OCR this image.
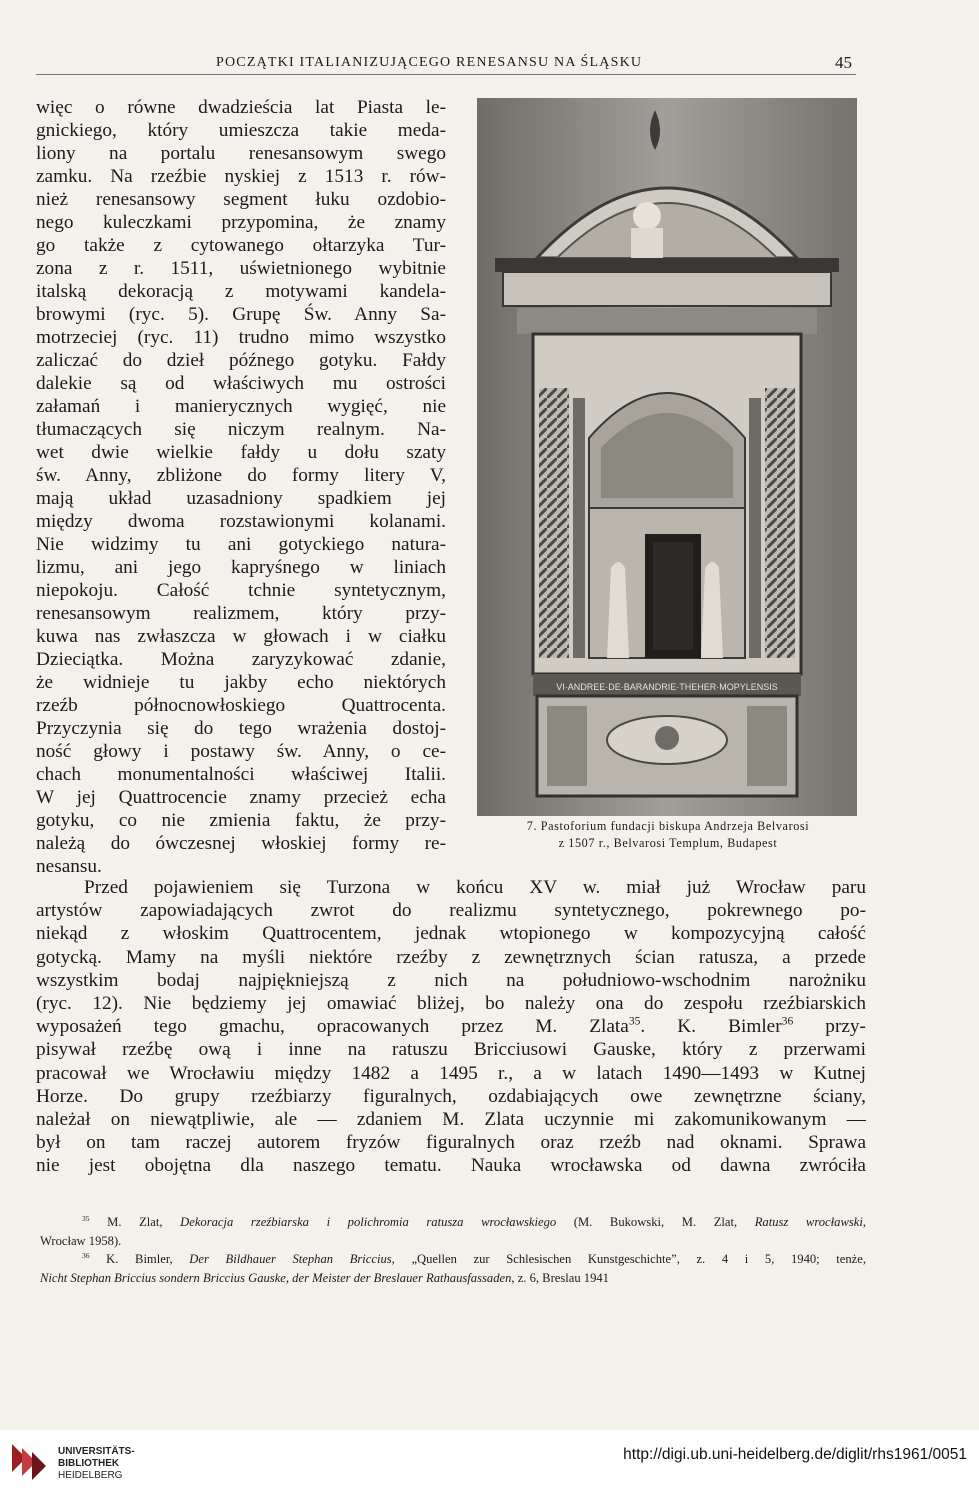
POCZĄTKI ITALIANIZUJĄCEGO RENESANSU NA ŚLĄSKU	45
więc o równe dwadzieścia lat Piasta le-
gnickiego, który umieszcza takie meda-
liony na portalu renesansowym swego
zamku. Na rzeźbie nyskiej z 1513 r. rów-
nież renesansowy segment łuku ozdobio-
nego kuleczkami przypomina, że znamy
go także z cytowanego ołtarzyka Tur-
zona z r. 1511, uświetnionego wybitnie
italską dekoracją z motywami kandela-
browymi (ryc. 5). Grupę Św. Anny Sa-
motrzeciej (ryc. 11) trudno mimo wszystko
zaliczać do dzieł późnego gotyku. Fałdy
dalekie są od właściwych mu ostrości
załamań i manierycznych wygięć, nie
tłumaczących się niczym realnym. Na-
wet dwie wielkie fałdy u dołu szaty
św. Anny, zbliżone do formy litery V,
mają układ uzasadniony spadkiem jej
między dwoma rozstawionymi kolanami.
Nie widzimy tu ani gotyckiego natura-
lizmu, ani jego kapryśnego w liniach
niepokoju. Całość tchnie syntetycznym,
renesansowym realizmem, który przy-
kuwa nas zwłaszcza w głowach i w ciałku
Dzieciątka. Można zaryzykować zdanie,
że widnieje tu jakby echo niektórych
rzeźb północnowłoskiego Quattrocenta.
Przyczynia się do tego wrażenia dostoj-
ność głowy i postawy św. Anny, o ce-
chach monumentalności właściwej Italii.
W jej Quattrocencie znamy przecież echa
gotyku, co nie zmienia faktu, że przy-
należą do ówczesnej włoskiej formy re-
nesansu.
VI·ANDREE·DE·BARANDRIE·THEHER·MOPYLENSIS
7. Pastoforium fundacji biskupa Andrzeja Belvarosi
z 1507 r., Belvarosi Templum, Budapest
Przed pojawieniem się Turzona w końcu XV w. miał już Wrocław paru
artystów zapowiadających zwrot do realizmu syntetycznego, pokrewnego po-
niekąd z włoskim Quattrocentem, jednak wtopionego w kompozycyjną całość
gotycką. Mamy na myśli niektóre rzeźby z zewnętrznych ścian ratusza, a przede
wszystkim bodaj najpiękniejszą z nich na południowo-wschodnim narożniku
(ryc. 12). Nie będziemy jej omawiać bliżej, bo należy ona do zespołu rzeźbiarskich
wyposażeń tego gmachu, opracowanych przez M. Zlata$^{35}$. K. Bimler$^{36}$ przy-
pisywał rzeźbę ową i inne na ratuszu Bricciusowi Gauske, który z przerwami
pracował we Wrocławiu między 1482 a 1495 r., a w latach 1490—1493 w Kutnej
Horze. Do grupy rzeźbiarzy figuralnych, ozdabiających owe zewnętrzne ściany,
należał on niewątpliwie, ale — zdaniem M. Zlata uczynnie mi zakomunikowanym —
był on tam raczej autorem fryzów figuralnych oraz rzeźb nad oknami. Sprawa
nie jest obojętna dla naszego tematu. Nauka wrocławska od dawna zwróciła
$^{35}$ M. Zlat, Dekoracja rzeźbiarska i polichromia ratusza wrocławskiego (M. Bukowski, M. Zlat, Ratusz wrocławski,
Wrocław 1958).
$^{36}$ K. Bimler, Der Bildhauer Stephan Briccius, „Quellen zur Schlesischen Kunstgeschichte”, z. 4 i 5, 1940; tenże,
Nicht Stephan Briccius sondern Briccius Gauske, der Meister der Breslauer Rathausfassaden, z. 6, Breslau 1941
UNIVERSITÄTS-
BIBLIOTHEK
HEIDELBERG
http://digi.ub.uni-heidelberg.de/diglit/rhs1961/0051
